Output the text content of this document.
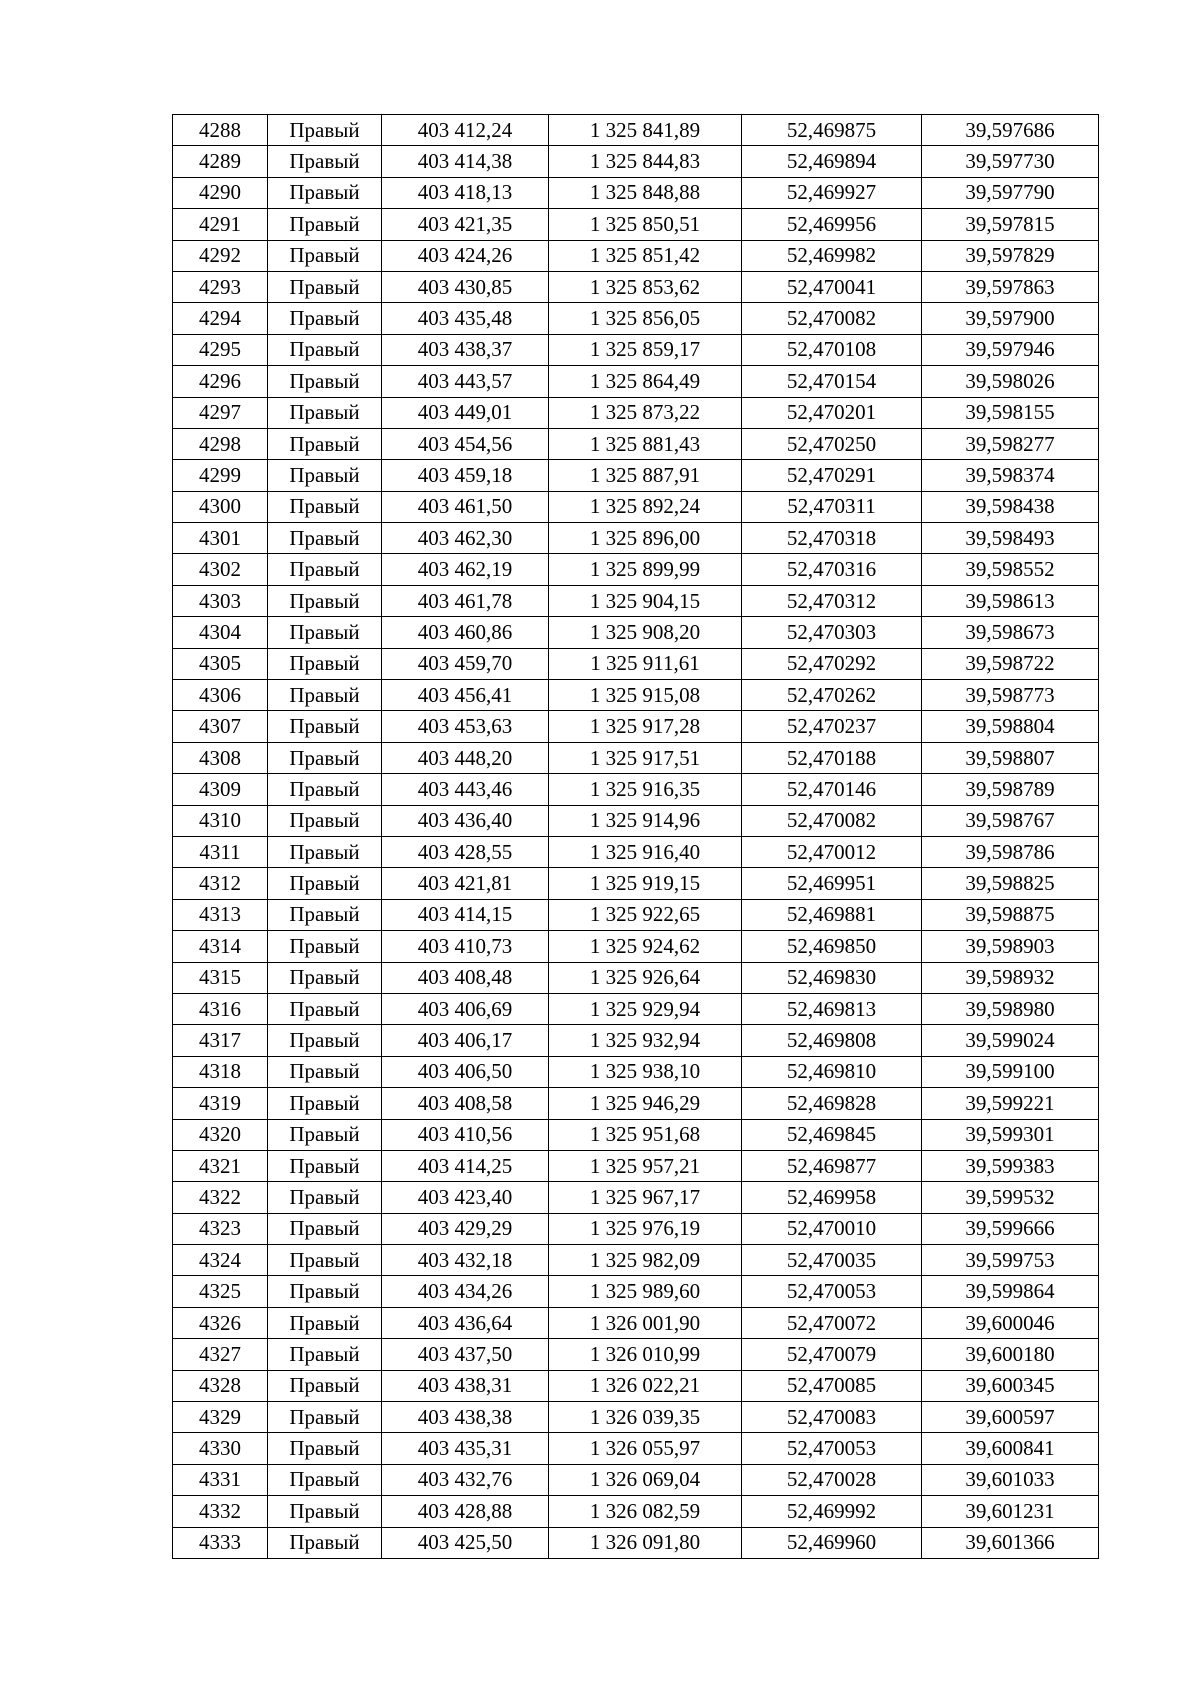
4288	Правый	403 412,24	1 325 841,89	52,469875	39,597686
4289	Правый	403 414,38	1 325 844,83	52,469894	39,597730
4290	Правый	403 418,13	1 325 848,88	52,469927	39,597790
4291	Правый	403 421,35	1 325 850,51	52,469956	39,597815
4292	Правый	403 424,26	1 325 851,42	52,469982	39,597829
4293	Правый	403 430,85	1 325 853,62	52,470041	39,597863
4294	Правый	403 435,48	1 325 856,05	52,470082	39,597900
4295	Правый	403 438,37	1 325 859,17	52,470108	39,597946
4296	Правый	403 443,57	1 325 864,49	52,470154	39,598026
4297	Правый	403 449,01	1 325 873,22	52,470201	39,598155
4298	Правый	403 454,56	1 325 881,43	52,470250	39,598277
4299	Правый	403 459,18	1 325 887,91	52,470291	39,598374
4300	Правый	403 461,50	1 325 892,24	52,470311	39,598438
4301	Правый	403 462,30	1 325 896,00	52,470318	39,598493
4302	Правый	403 462,19	1 325 899,99	52,470316	39,598552
4303	Правый	403 461,78	1 325 904,15	52,470312	39,598613
4304	Правый	403 460,86	1 325 908,20	52,470303	39,598673
4305	Правый	403 459,70	1 325 911,61	52,470292	39,598722
4306	Правый	403 456,41	1 325 915,08	52,470262	39,598773
4307	Правый	403 453,63	1 325 917,28	52,470237	39,598804
4308	Правый	403 448,20	1 325 917,51	52,470188	39,598807
4309	Правый	403 443,46	1 325 916,35	52,470146	39,598789
4310	Правый	403 436,40	1 325 914,96	52,470082	39,598767
4311	Правый	403 428,55	1 325 916,40	52,470012	39,598786
4312	Правый	403 421,81	1 325 919,15	52,469951	39,598825
4313	Правый	403 414,15	1 325 922,65	52,469881	39,598875
4314	Правый	403 410,73	1 325 924,62	52,469850	39,598903
4315	Правый	403 408,48	1 325 926,64	52,469830	39,598932
4316	Правый	403 406,69	1 325 929,94	52,469813	39,598980
4317	Правый	403 406,17	1 325 932,94	52,469808	39,599024
4318	Правый	403 406,50	1 325 938,10	52,469810	39,599100
4319	Правый	403 408,58	1 325 946,29	52,469828	39,599221
4320	Правый	403 410,56	1 325 951,68	52,469845	39,599301
4321	Правый	403 414,25	1 325 957,21	52,469877	39,599383
4322	Правый	403 423,40	1 325 967,17	52,469958	39,599532
4323	Правый	403 429,29	1 325 976,19	52,470010	39,599666
4324	Правый	403 432,18	1 325 982,09	52,470035	39,599753
4325	Правый	403 434,26	1 325 989,60	52,470053	39,599864
4326	Правый	403 436,64	1 326 001,90	52,470072	39,600046
4327	Правый	403 437,50	1 326 010,99	52,470079	39,600180
4328	Правый	403 438,31	1 326 022,21	52,470085	39,600345
4329	Правый	403 438,38	1 326 039,35	52,470083	39,600597
4330	Правый	403 435,31	1 326 055,97	52,470053	39,600841
4331	Правый	403 432,76	1 326 069,04	52,470028	39,601033
4332	Правый	403 428,88	1 326 082,59	52,469992	39,601231
4333	Правый	403 425,50	1 326 091,80	52,469960	39,601366
